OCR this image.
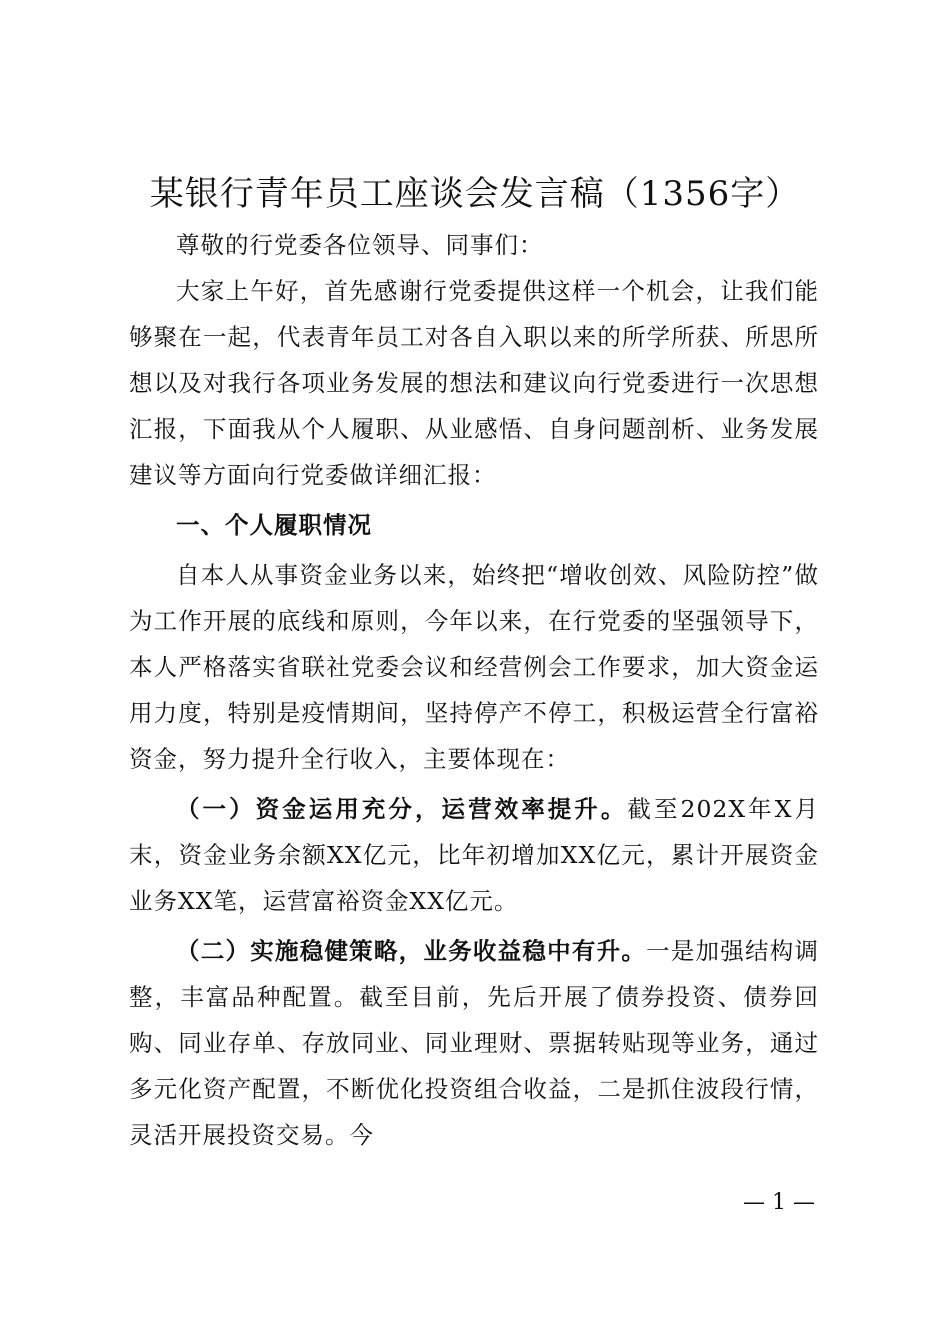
某银行青年员工座谈会发言稿（1356字）

尊敬的行党委各位领导、同事们：

大家上午好，首先感谢行党委提供这样一个机会，让我们能够聚在一起，代表青年员工对各自入职以来的所学所获、所思所想以及对我行各项业务发展的想法和建议向行党委进行一次思想汇报，下面我从个人履职、从业感悟、自身问题剖析、业务发展建议等方面向行党委做详细汇报：

一、个人履职情况

自本人从事资金业务以来，始终把“增收创效、风险防控”做为工作开展的底线和原则，今年以来，在行党委的坚强领导下，本人严格落实省联社党委会议和经营例会工作要求，加大资金运用力度，特别是疫情期间，坚持停产不停工，积极运营全行富裕资金，努力提升全行收入，主要体现在：

（一）资金运用充分，运营效率提升。截至202X年X月末，资金业务余额XX亿元，比年初增加XX亿元，累计开展资金业务XX笔，运营富裕资金XX亿元。

（二）实施稳健策略，业务收益稳中有升。一是加强结构调整，丰富品种配置。截至目前，先后开展了债券投资、债券回购、同业存单、存放同业、同业理财、票据转贴现等业务，通过多元化资产配置，不断优化投资组合收益，二是抓住波段行情，灵活开展投资交易。今

— 1 —
